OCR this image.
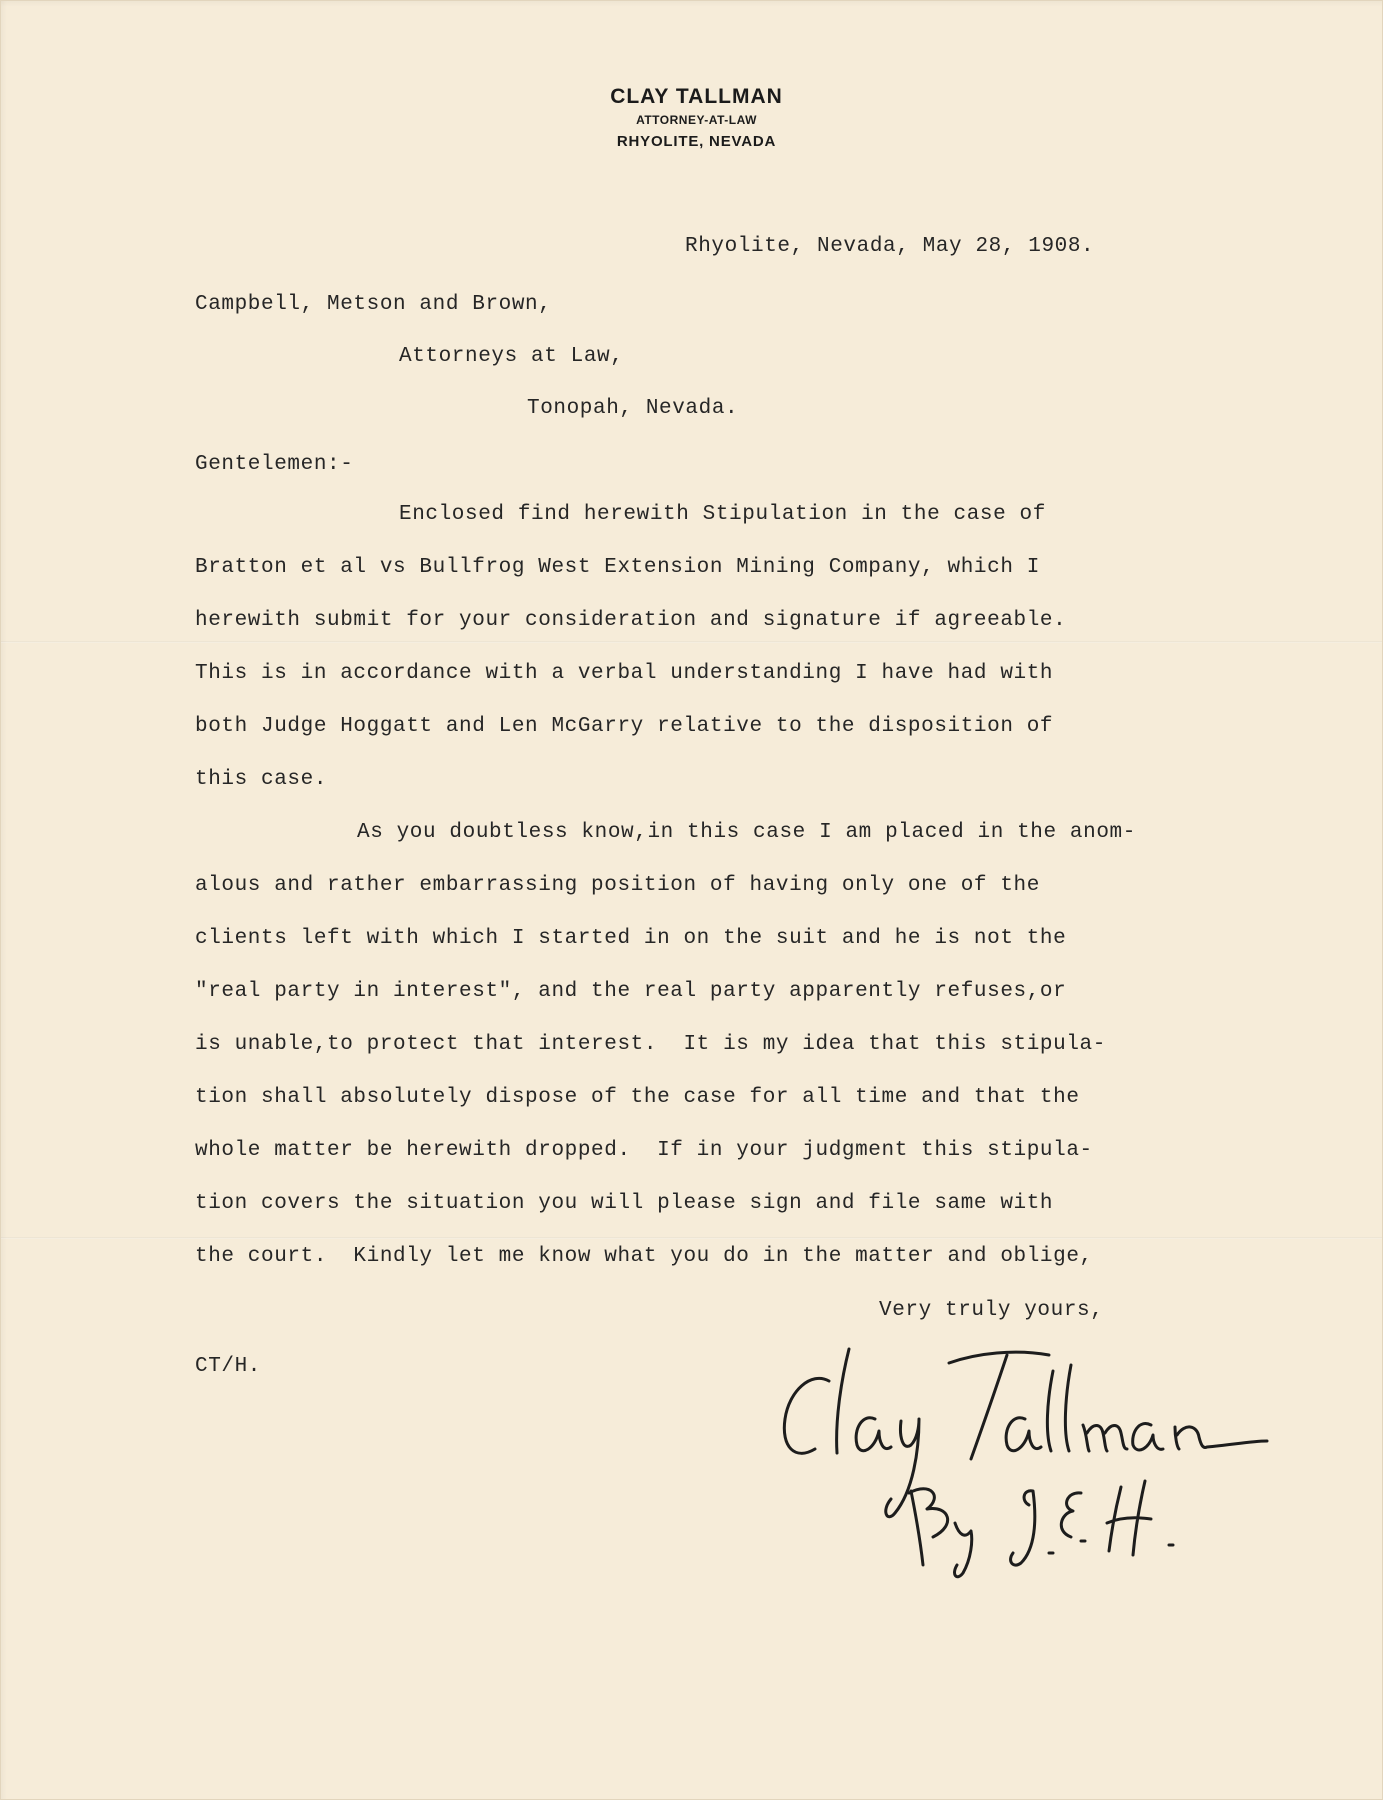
CLAY TALLMAN
ATTORNEY-AT-LAW
RHYOLITE, NEVADA
Rhyolite, Nevada, May 28, 1908.
Campbell, Metson and Brown,
Attorneys at Law,
Tonopah, Nevada.
Gentelemen:-
Enclosed find herewith Stipulation in the case of
Bratton et al vs Bullfrog West Extension Mining Company, which I
herewith submit for your consideration and signature if agreeable.
This is in accordance with a verbal understanding I have had with
both Judge Hoggatt and Len McGarry relative to the disposition of
this case.
As you doubtless know,in this case I am placed in the anom-
alous and rather embarrassing position of having only one of the
clients left with which I started in on the suit and he is not the
"real party in interest", and the real party apparently refuses,or
is unable,to protect that interest.  It is my idea that this stipula-
tion shall absolutely dispose of the case for all time and that the
whole matter be herewith dropped.  If in your judgment this stipula-
tion covers the situation you will please sign and file same with
the court.  Kindly let me know what you do in the matter and oblige,
Very truly yours,
CT/H.
